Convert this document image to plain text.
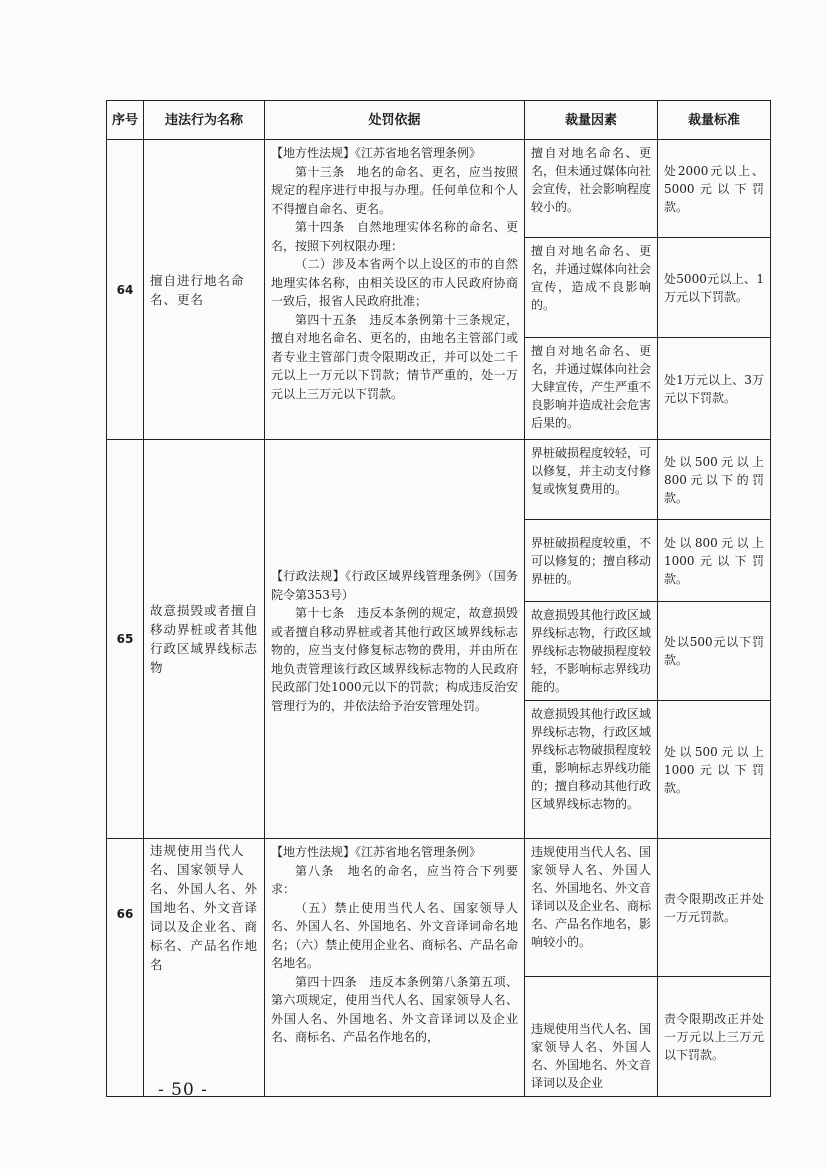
序号	违法行为名称	处罚依据	裁量因素	裁量标准
64	擅自进行地名命名、更名	【地方性法规】《江苏省地名管理条例》

第十三条　地名的命名、更名，应当按照规定的程序进行申报与办理。任何单位和个人不得擅自命名、更名。

第十四条　自然地理实体名称的命名、更名，按照下列权限办理：

（二）涉及本省两个以上设区的市的自然地理实体名称，由相关设区的市人民政府协商一致后，报省人民政府批准；

第四十五条　违反本条例第十三条规定，擅自对地名命名、更名的，由地名主管部门或者专业主管部门责令限期改正，并可以处二千元以上一万元以下罚款；情节严重的，处一万元以上三万元以下罚款。	擅自对地名命名、更名，但未通过媒体向社会宣传，社会影响程度较小的。	处2000元以上、5000元以下罚款。

			擅自对地名命名、更名，并通过媒体向社会宣传，造成不良影响的。	处5000元以上、1万元以下罚款。

			擅自对地名命名、更名，并通过媒体向社会大肆宣传，产生严重不良影响并造成社会危害后果的。	处1万元以上、3万元以下罚款。

65	故意损毁或者擅自移动界桩或者其他行政区域界线标志物	【行政法规】《行政区域界线管理条例》（国务院令第353号）

第十七条　违反本条例的规定，故意损毁或者擅自移动界桩或者其他行政区域界线标志物的，应当支付修复标志物的费用，并由所在地负责管理该行政区域界线标志物的人民政府民政部门处1000元以下的罚款；构成违反治安管理行为的，并依法给予治安管理处罚。	界桩破损程度较轻，可以修复，并主动支付修复或恢复费用的。	处以500元以上800元以下的罚款。

			界桩破损程度较重，不可以修复的；擅自移动界桩的。	处以800元以上1000元以下罚款。

			故意损毁其他行政区域界线标志物，行政区域界线标志物破损程度较轻，不影响标志界线功能的。	处以500元以下罚款。

			故意损毁其他行政区域界线标志物，行政区域界线标志物破损程度较重，影响标志界线功能的；擅自移动其他行政区域界线标志物的。	处以500元以上1000元以下罚款。

66	违规使用当代人名、国家领导人名、外国人名、外国地名、外文音译词以及企业名、商标名、产品名作地名	【地方性法规】《江苏省地名管理条例》

第八条　地名的命名，应当符合下列要求：

（五）禁止使用当代人名、国家领导人名、外国人名、外国地名、外文音译词命名地名；（六）禁止使用企业名、商标名、产品名命名地名。

第四十四条　违反本条例第八条第五项、第六项规定，使用当代人名、国家领导人名、外国人名、外国地名、外文音译词以及企业名、商标名、产品名作地名的，	违规使用当代人名、国家领导人名、外国人名、外国地名、外文音译词以及企业名、商标名、产品名作地名，影响较小的。	责令限期改正并处一万元罚款。

			违规使用当代人名、国家领导人名、外国人名、外国地名、外文音译词以及企业	责令限期改正并处一万元以上三万元以下罚款。
- 50 -
